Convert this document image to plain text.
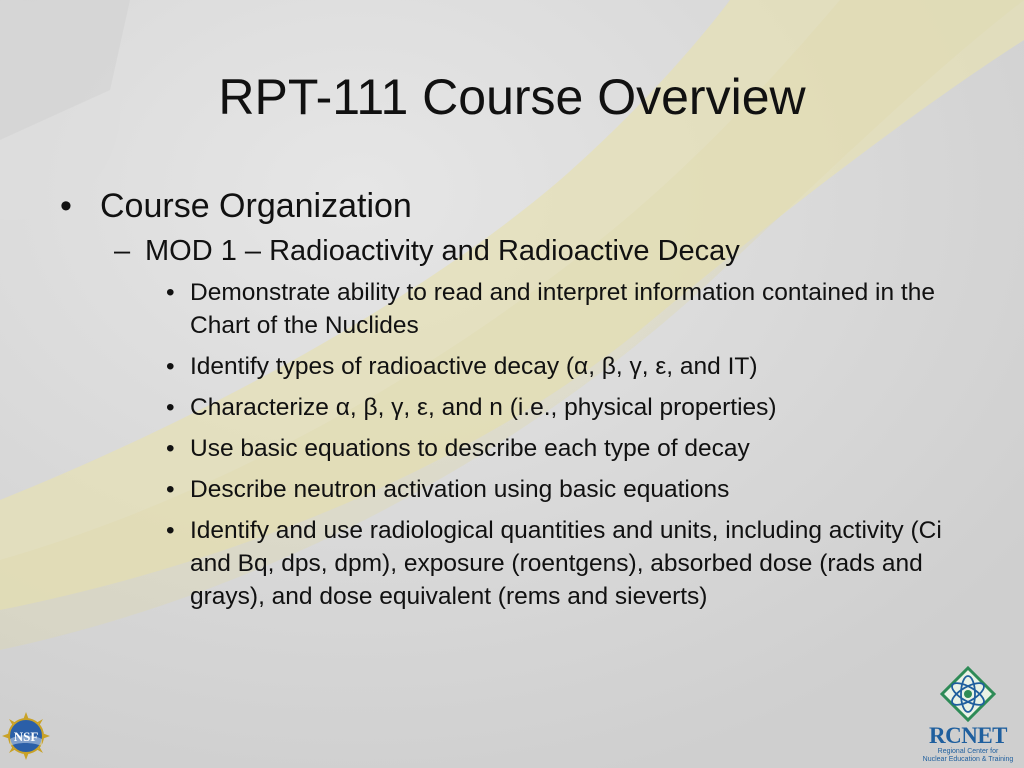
RPT-111 Course Overview
• Course Organization
– MOD 1 – Radioactivity and Radioactive Decay
• Demonstrate ability to read and interpret information contained in the Chart of the Nuclides
• Identify types of radioactive decay (α, β, γ, ε, and IT)
• Characterize α, β, γ, ε, and n (i.e., physical properties)
• Use basic equations to describe each type of decay
• Describe neutron activation using basic equations
• Identify and use radiological quantities and units, including activity (Ci and Bq, dps, dpm), exposure (roentgens), absorbed dose (rads and grays), and dose equivalent (rems and sieverts)
NSF	RCNET
Regional Center for
Nuclear Education & Training
